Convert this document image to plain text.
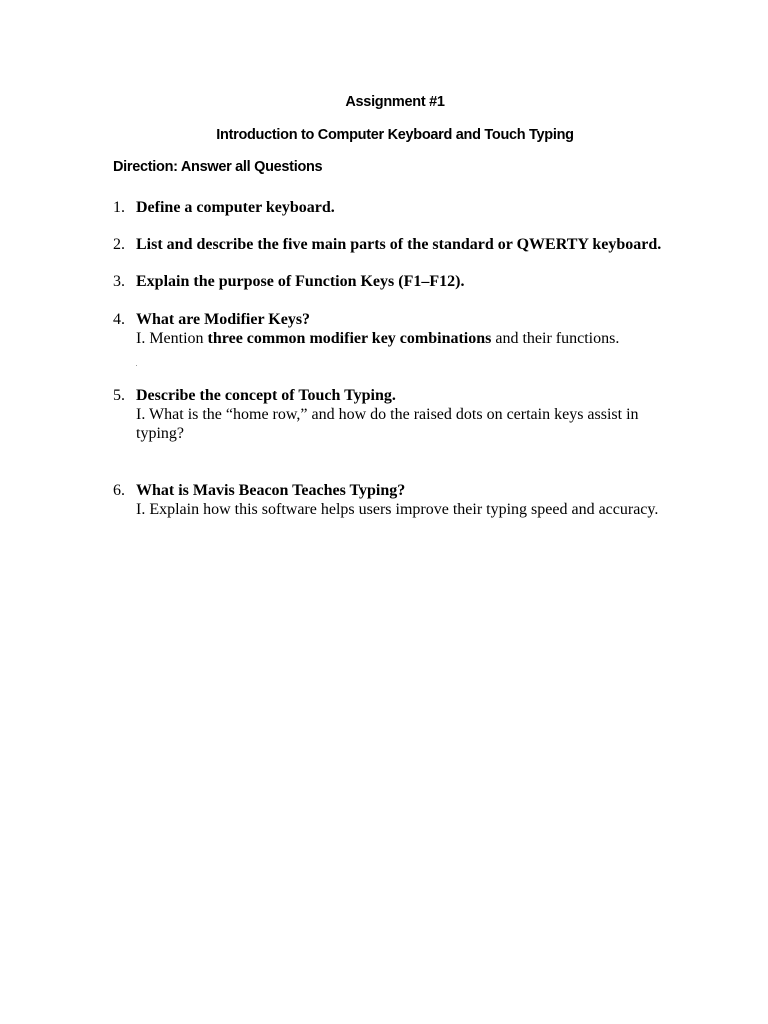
Assignment #1
Introduction to Computer Keyboard and Touch Typing
Direction: Answer all Questions
1. Define a computer keyboard.
2. List and describe the five main parts of the standard or QWERTY keyboard.
3. Explain the purpose of Function Keys (F1–F12).
4. What are Modifier Keys?
I. Mention three common modifier key combinations and their functions.
5. Describe the concept of Touch Typing.
I. What is the “home row,” and how do the raised dots on certain keys assist in typing?
6. What is Mavis Beacon Teaches Typing?
I. Explain how this software helps users improve their typing speed and accuracy.
